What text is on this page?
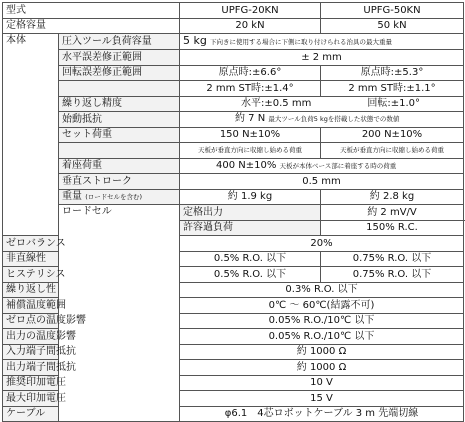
型式		UPFG-20KN	UPFG-50KN
定格容量		20 kN	50 kN
本体	圧入ツール負荷容量	5 kg 下向きに使用する場合に下側に取り付けられる治具の最大重量	
	水平誤差修正範囲	± 2 mm	
	回転誤差修正範囲	原点時:±6.6°	原点時:±5.3°
		2 mm ST時:±1.4°	2 mm ST時:±1.1°
	繰り返し精度	水平:±0.5 mm 回転:±1.0°	

	始動抵抗	約 7 N 最大ツール負荷5 kgを搭載した状態での数値	
	セット荷重	150 N±10%	200 N±10%
		天板が垂直方向に収縮し始める荷重	天板が垂直方向に収縮し始める荷重
	着座荷重	400 N±10% 天板が本体ベース部に着座する時の荷重	
	垂直ストローク	0.5 mm	
	重量 (ロードセルを含む)	約 1.9 kg	約 2.8 kg
	ロードセル	定格出力	約 2 mV/V
		許容過負荷	150% R.C.
ゼロバランス		20%	
非直線性		0.5% R.O. 以下	0.75% R.O. 以下
ヒステリシス		0.5% R.O. 以下	0.75% R.O. 以下
繰り返し性		0.3% R.O. 以下	
補償温度範囲		0℃ ～ 60℃(結露不可)	
ゼロ点の温度影響		0.05% R.O./10℃ 以下	
出力の温度影響		0.05% R.O./10℃ 以下	
入力端子間抵抗		約 1000 Ω	
出力端子間抵抗		約 1000 Ω	
推奨印加電圧		10 V	
最大印加電圧		15 V	
ケーブル		φ6.1　4芯ロボットケーブル 3 m 先端切線	
